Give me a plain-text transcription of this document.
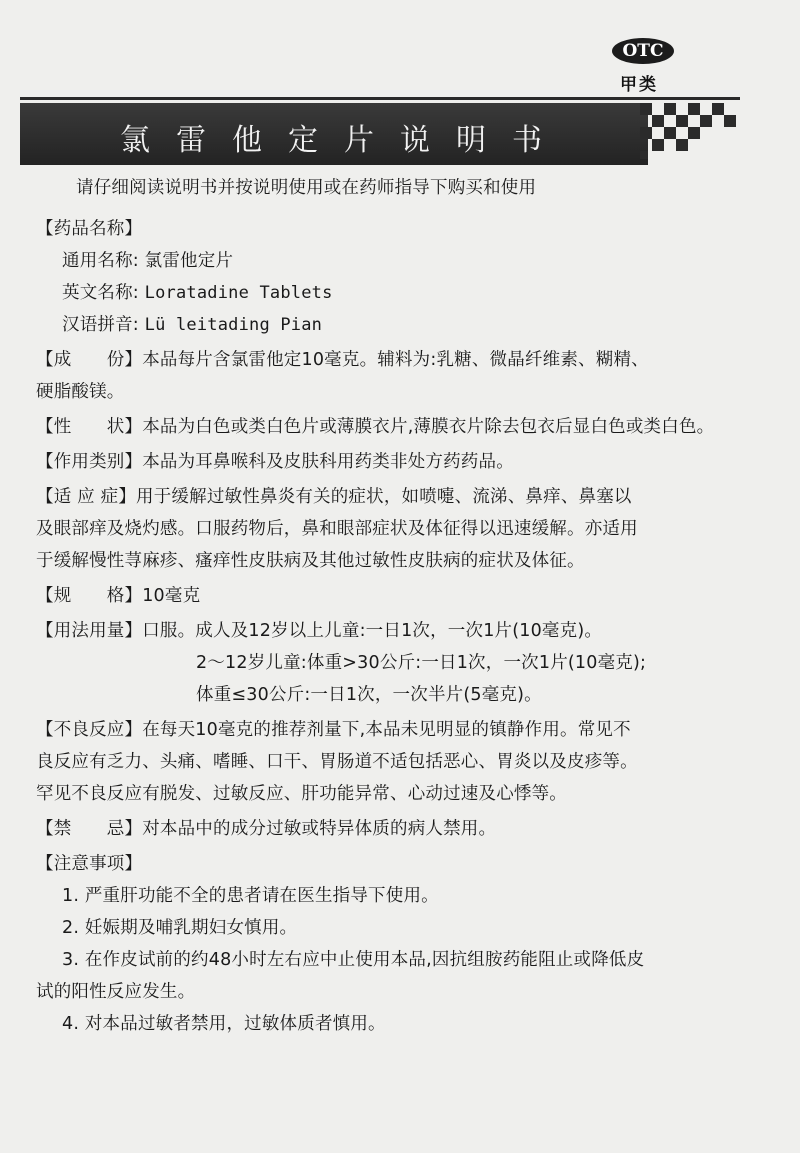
OTC
甲类
氯雷他定片说明书
请仔细阅读说明书并按说明使用或在药师指导下购买和使用
【药品名称】
通用名称: 氯雷他定片
英文名称: Loratadine Tablets
汉语拼音: Lü leitading Pian
【成　　份】本品每片含氯雷他定10毫克。辅料为:乳糖、微晶纤维素、糊精、
硬脂酸镁。
【性　　状】本品为白色或类白色片或薄膜衣片,薄膜衣片除去包衣后显白色或类白色。
【作用类别】本品为耳鼻喉科及皮肤科用药类非处方药药品。
【适 应 症】用于缓解过敏性鼻炎有关的症状，如喷嚏、流涕、鼻痒、鼻塞以
及眼部痒及烧灼感。口服药物后，鼻和眼部症状及体征得以迅速缓解。亦适用
于缓解慢性荨麻疹、瘙痒性皮肤病及其他过敏性皮肤病的症状及体征。
【规　　格】10毫克
【用法用量】口服。成人及12岁以上儿童:一日1次，一次1片(10毫克)。
2～12岁儿童:体重>30公斤:一日1次，一次1片(10毫克);
体重≤30公斤:一日1次，一次半片(5毫克)。
【不良反应】在每天10毫克的推荐剂量下,本品未见明显的镇静作用。常见不
良反应有乏力、头痛、嗜睡、口干、胃肠道不适包括恶心、胃炎以及皮疹等。
罕见不良反应有脱发、过敏反应、肝功能异常、心动过速及心悸等。
【禁　　忌】对本品中的成分过敏或特异体质的病人禁用。
【注意事项】
1. 严重肝功能不全的患者请在医生指导下使用。
2. 妊娠期及哺乳期妇女慎用。
3. 在作皮试前的约48小时左右应中止使用本品,因抗组胺药能阻止或降低皮
试的阳性反应发生。
4. 对本品过敏者禁用，过敏体质者慎用。
